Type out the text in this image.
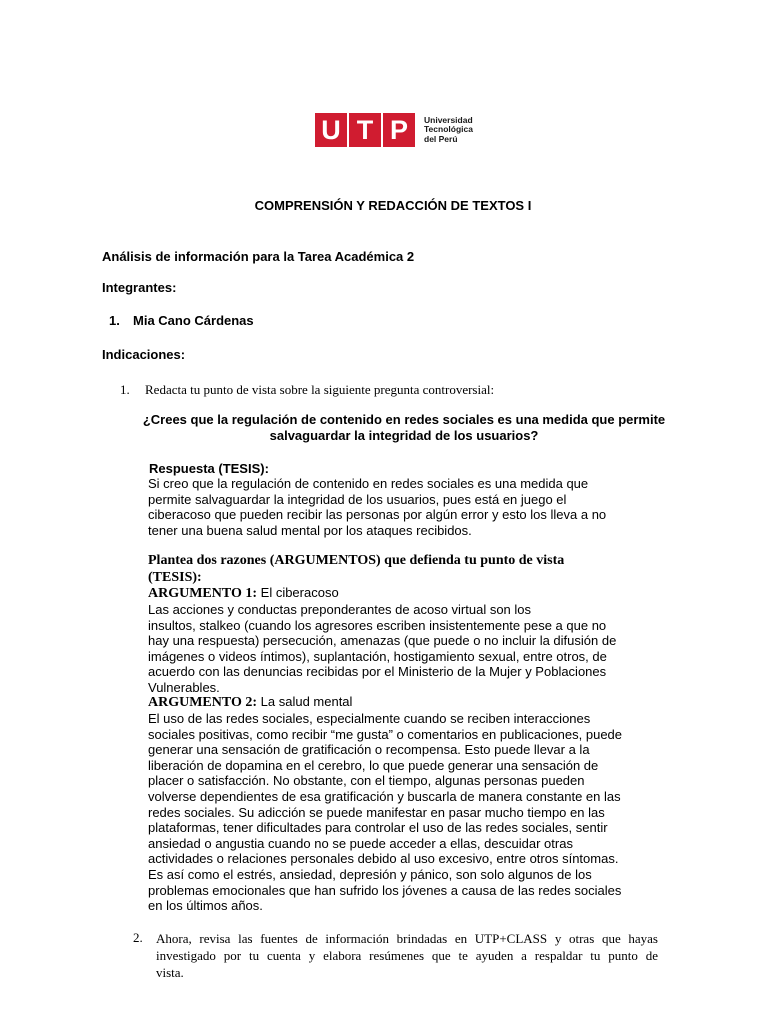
U T P	Universidad
Tecnológica
del Perú
COMPRENSIÓN Y REDACCIÓN DE TEXTOS I
Análisis de información para la Tarea Académica 2
Integrantes:
1. Mia Cano Cárdenas
Indicaciones:
1. Redacta tu punto de vista sobre la siguiente pregunta controversial:
¿Crees que la regulación de contenido en redes sociales es una medida que permite salvaguardar la integridad de los usuarios?
Respuesta (TESIS):
Si creo que la regulación de contenido en redes sociales es una medida que
permite salvaguardar la integridad de los usuarios, pues está en juego el
ciberacoso que pueden recibir las personas por algún error y esto los lleva a no
tener una buena salud mental por los ataques recibidos.
Plantea dos razones (ARGUMENTOS) que defienda tu punto de vista
(TESIS):
ARGUMENTO 1: El ciberacoso
Las acciones y conductas preponderantes de acoso virtual son los
insultos, stalkeo (cuando los agresores escriben insistentemente pese a que no
hay una respuesta) persecución, amenazas (que puede o no incluir la difusión de
imágenes o videos íntimos), suplantación, hostigamiento sexual, entre otros, de
acuerdo con las denuncias recibidas por el Ministerio de la Mujer y Poblaciones
Vulnerables.
ARGUMENTO 2: La salud mental
El uso de las redes sociales, especialmente cuando se reciben interacciones
sociales positivas, como recibir “me gusta” o comentarios en publicaciones, puede
generar una sensación de gratificación o recompensa. Esto puede llevar a la
liberación de dopamina en el cerebro, lo que puede generar una sensación de
placer o satisfacción. No obstante, con el tiempo, algunas personas pueden
volverse dependientes de esa gratificación y buscarla de manera constante en las
redes sociales. Su adicción se puede manifestar en pasar mucho tiempo en las
plataformas, tener dificultades para controlar el uso de las redes sociales, sentir
ansiedad o angustia cuando no se puede acceder a ellas, descuidar otras
actividades o relaciones personales debido al uso excesivo, entre otros síntomas.
Es así como el estrés, ansiedad, depresión y pánico, son solo algunos de los
problemas emocionales que han sufrido los jóvenes a causa de las redes sociales
en los últimos años.
2. Ahora, revisa las fuentes de información brindadas en UTP+CLASS y otras que hayas
investigado por tu cuenta y elabora resúmenes que te ayuden a respaldar tu punto de
vista.
